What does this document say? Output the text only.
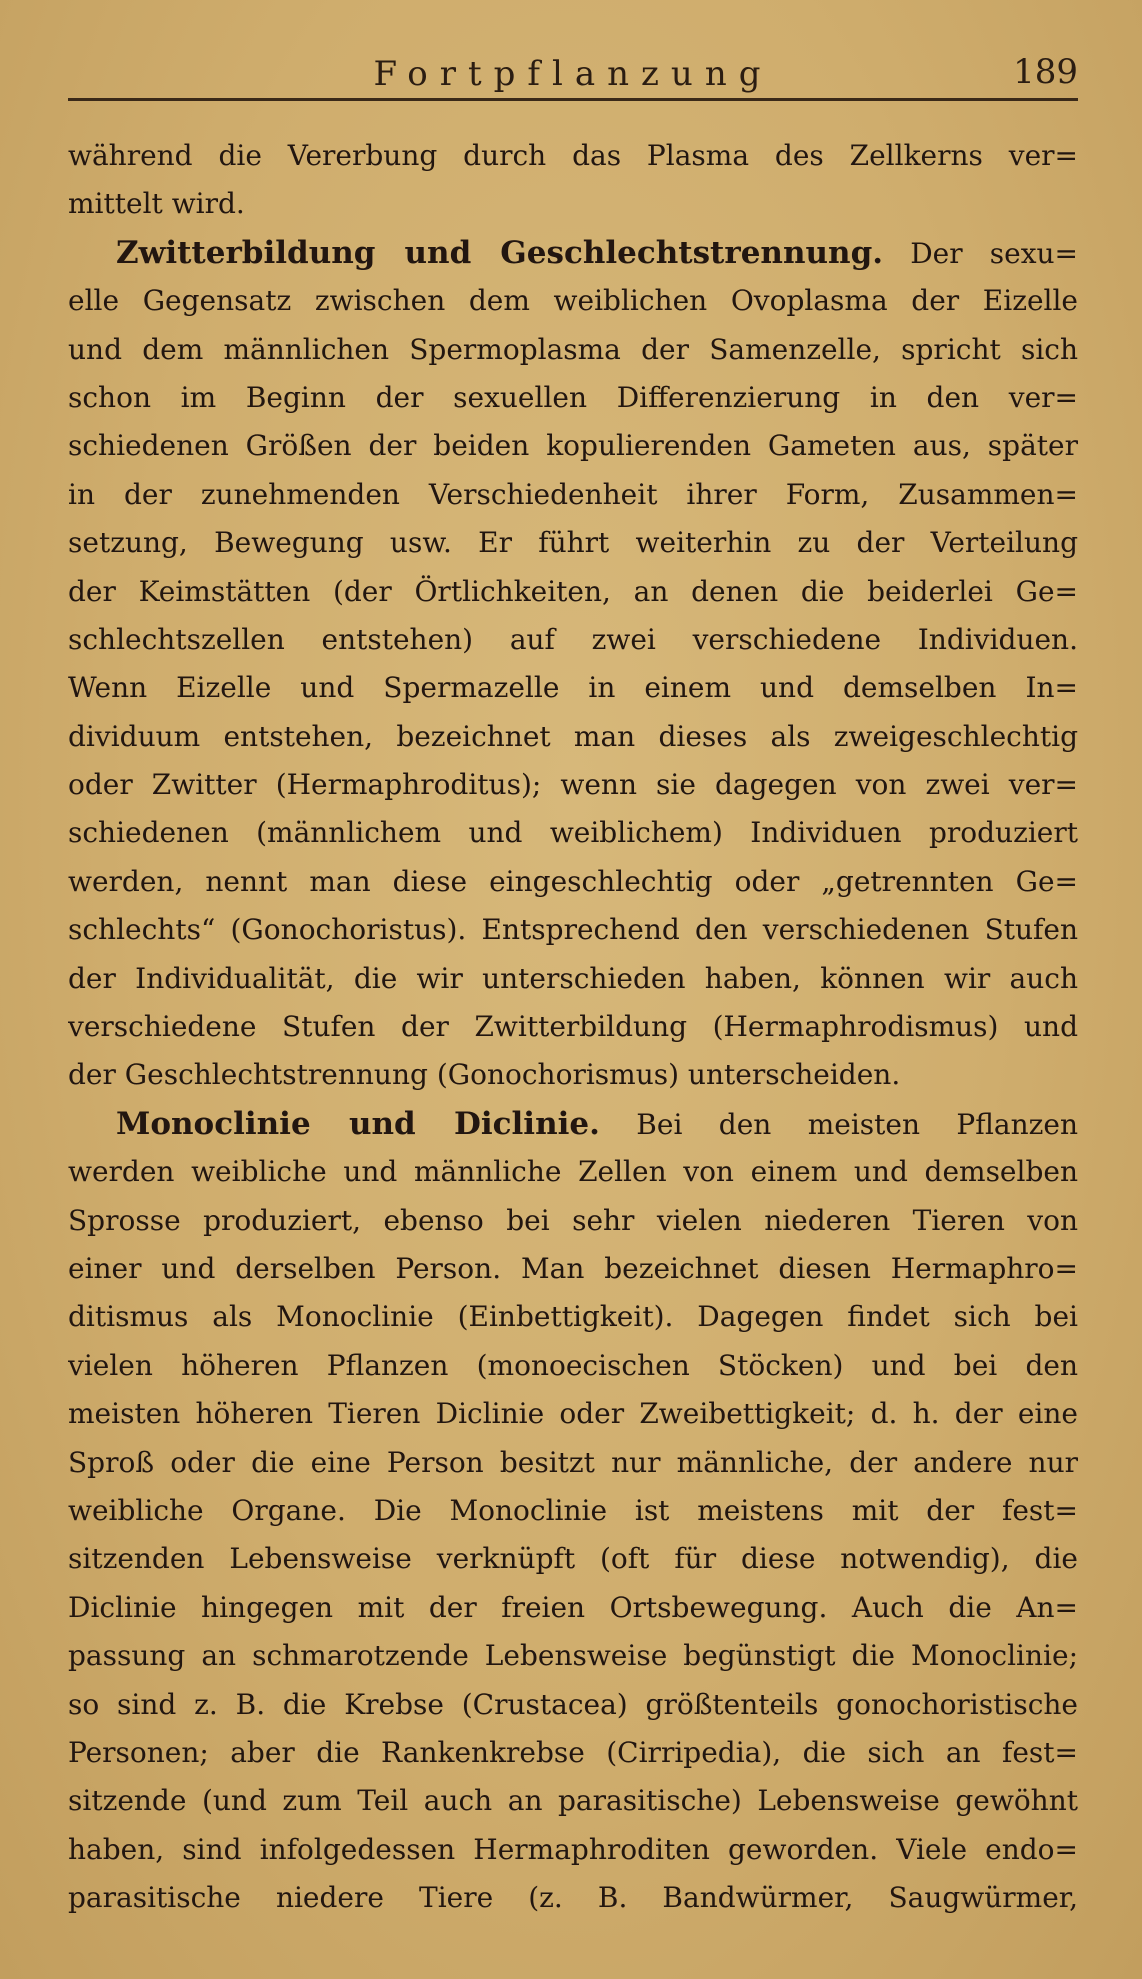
Fortpflanzung	189
während die Vererbung durch das Plasma des Zellkerns ver=
mittelt wird.
Zwitterbildung und Geschlechtstrennung. Der sexu=
elle Gegensatz zwischen dem weiblichen Ovoplasma der Eizelle
und dem männlichen Spermoplasma der Samenzelle, spricht sich
schon im Beginn der sexuellen Differenzierung in den ver=
schiedenen Größen der beiden kopulierenden Gameten aus, später
in der zunehmenden Verschiedenheit ihrer Form, Zusammen=
setzung, Bewegung usw. Er führt weiterhin zu der Verteilung
der Keimstätten (der Örtlichkeiten, an denen die beiderlei Ge=
schlechtszellen entstehen) auf zwei verschiedene Individuen.
Wenn Eizelle und Spermazelle in einem und demselben In=
dividuum entstehen, bezeichnet man dieses als zweigeschlechtig
oder Zwitter (Hermaphroditus); wenn sie dagegen von zwei ver=
schiedenen (männlichem und weiblichem) Individuen produziert
werden, nennt man diese eingeschlechtig oder „getrennten Ge=
schlechts“ (Gonochoristus). Entsprechend den verschiedenen Stufen
der Individualität, die wir unterschieden haben, können wir auch
verschiedene Stufen der Zwitterbildung (Hermaphrodismus) und
der Geschlechtstrennung (Gonochorismus) unterscheiden.
Monoclinie und Diclinie. Bei den meisten Pflanzen
werden weibliche und männliche Zellen von einem und demselben
Sprosse produziert, ebenso bei sehr vielen niederen Tieren von
einer und derselben Person. Man bezeichnet diesen Hermaphro=
ditismus als Monoclinie (Einbettigkeit). Dagegen findet sich bei
vielen höheren Pflanzen (monoecischen Stöcken) und bei den
meisten höheren Tieren Diclinie oder Zweibettigkeit; d. h. der eine
Sproß oder die eine Person besitzt nur männliche, der andere nur
weibliche Organe. Die Monoclinie ist meistens mit der fest=
sitzenden Lebensweise verknüpft (oft für diese notwendig), die
Diclinie hingegen mit der freien Ortsbewegung. Auch die An=
passung an schmarotzende Lebensweise begünstigt die Monoclinie;
so sind z. B. die Krebse (Crustacea) größtenteils gonochoristische
Personen; aber die Rankenkrebse (Cirripedia), die sich an fest=
sitzende (und zum Teil auch an parasitische) Lebensweise gewöhnt
haben, sind infolgedessen Hermaphroditen geworden. Viele endo=
parasitische niedere Tiere (z. B. Bandwürmer, Saugwürmer,
